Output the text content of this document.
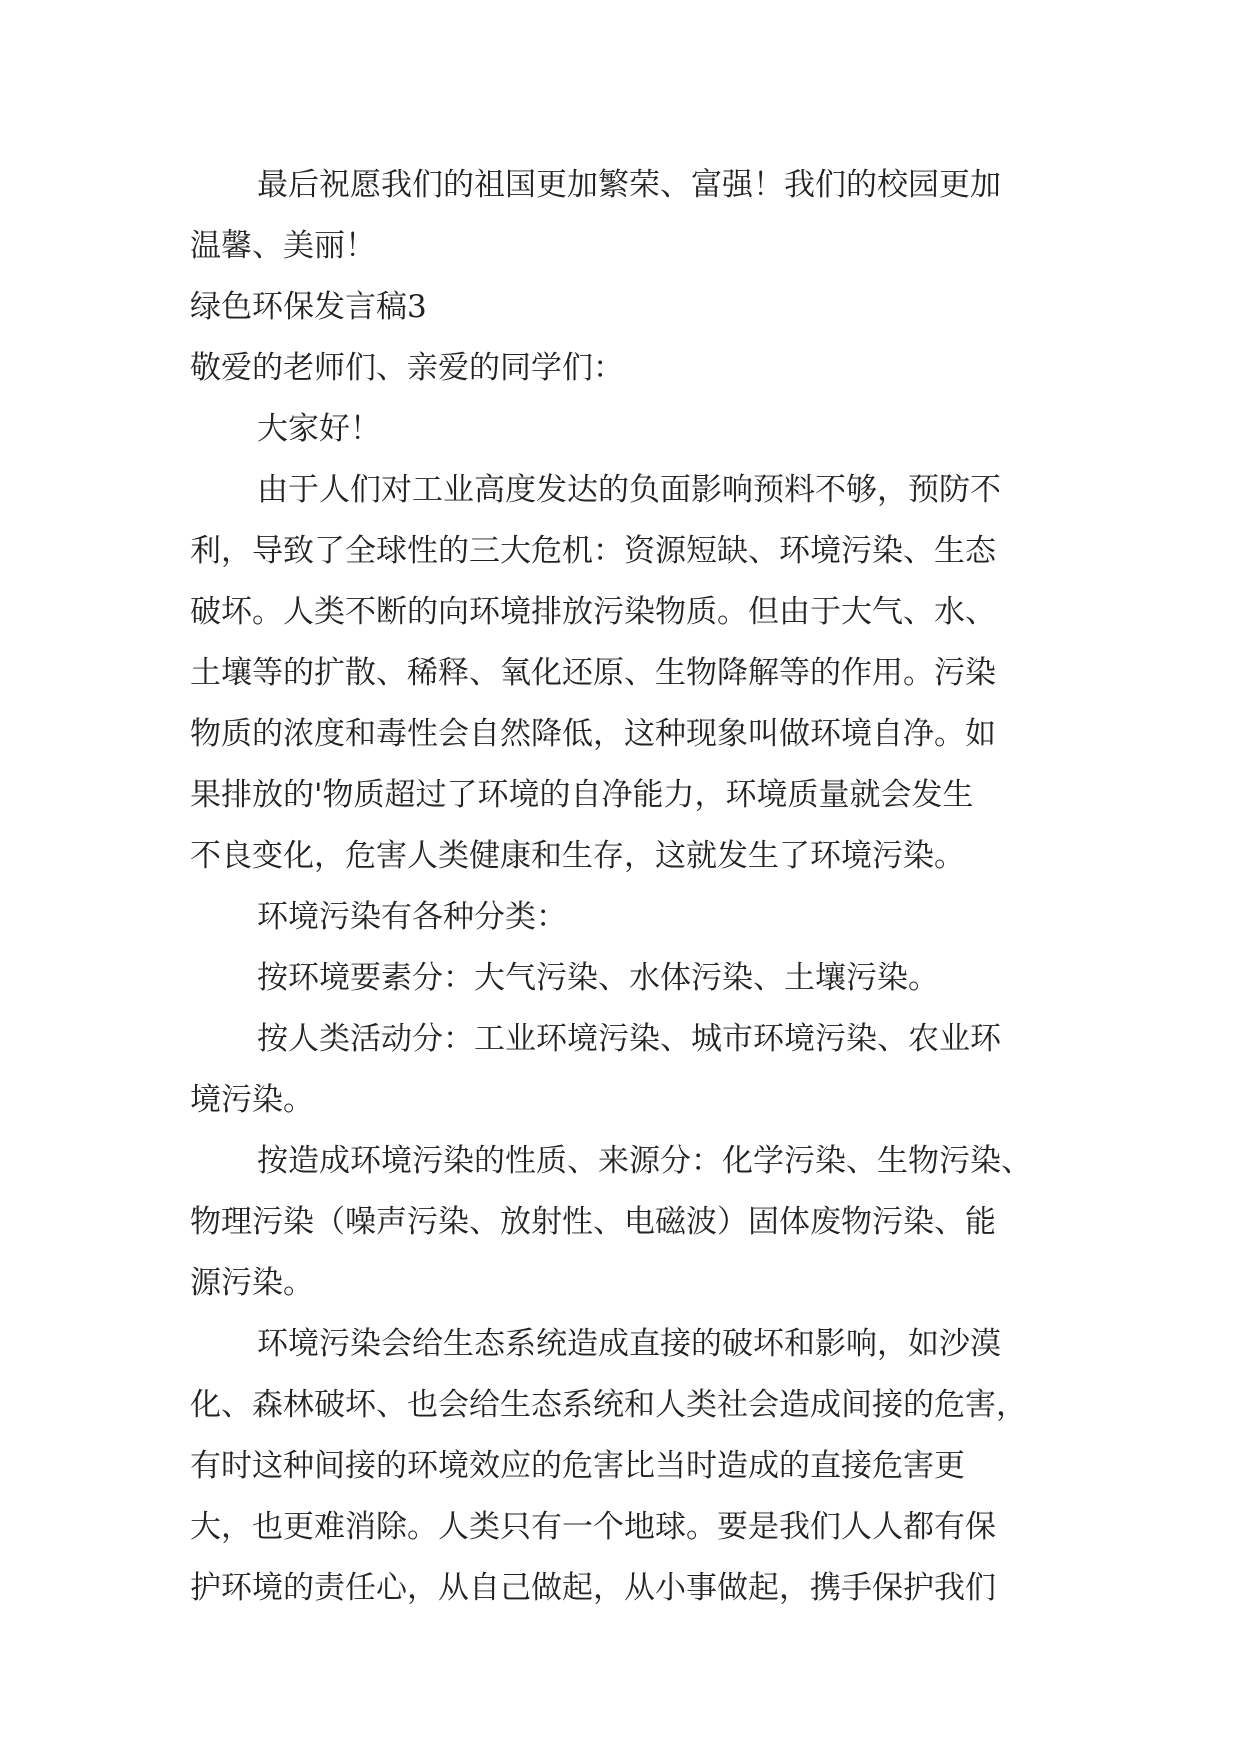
最后祝愿我们的祖国更加繁荣、富强！我们的校园更加
温馨、美丽！
绿色环保发言稿3
敬爱的老师们、亲爱的同学们：
大家好！
由于人们对工业高度发达的负面影响预料不够，预防不
利，导致了全球性的三大危机：资源短缺、环境污染、生态
破坏。人类不断的向环境排放污染物质。但由于大气、水、
土壤等的扩散、稀释、氧化还原、生物降解等的作用。污染
物质的浓度和毒性会自然降低，这种现象叫做环境自净。如
果排放的'物质超过了环境的自净能力，环境质量就会发生
不良变化，危害人类健康和生存，这就发生了环境污染。
环境污染有各种分类：
按环境要素分：大气污染、水体污染、土壤污染。
按人类活动分：工业环境污染、城市环境污染、农业环
境污染。
按造成环境污染的性质、来源分：化学污染、生物污染、
物理污染（噪声污染、放射性、电磁波）固体废物污染、能
源污染。
环境污染会给生态系统造成直接的破坏和影响，如沙漠
化、森林破坏、也会给生态系统和人类社会造成间接的危害，
有时这种间接的环境效应的危害比当时造成的直接危害更
大，也更难消除。人类只有一个地球。要是我们人人都有保
护环境的责任心，从自己做起，从小事做起，携手保护我们
